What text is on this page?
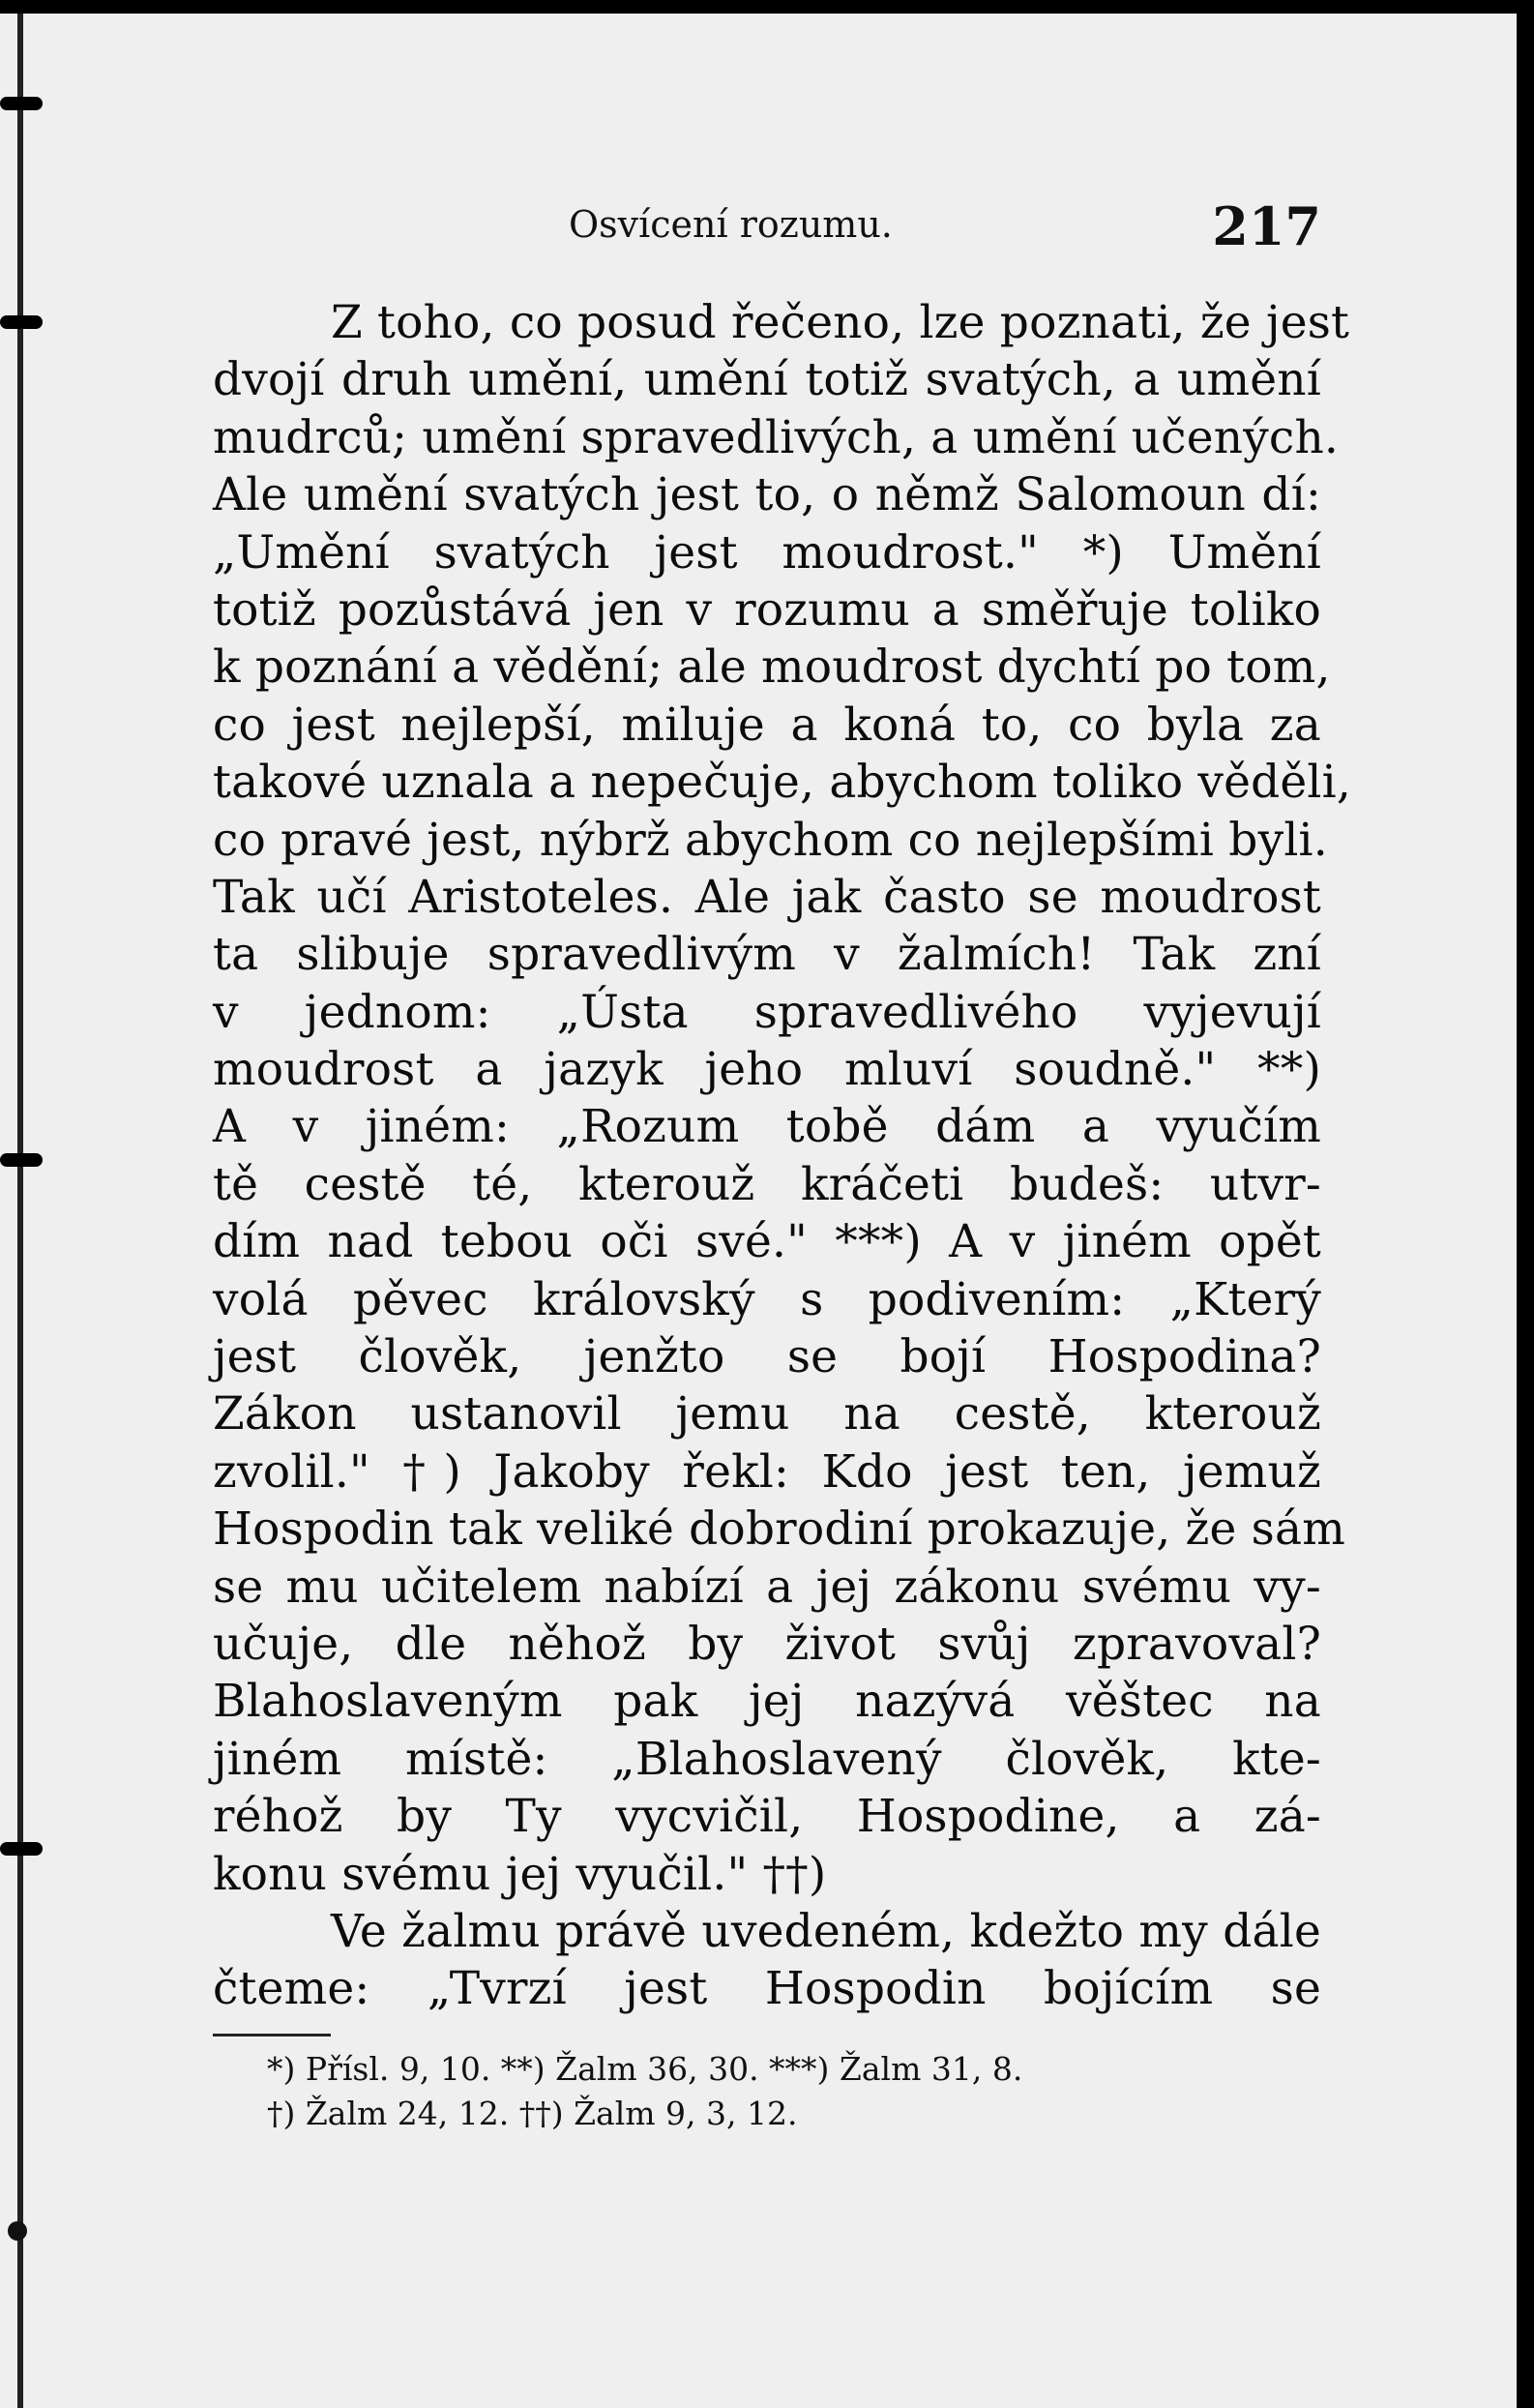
Osvícení rozumu.	217
Z toho, co posud řečeno, lze poznati, že jest
dvojí druh umění, umění totiž svatých, a umění
mudrců; umění spravedlivých, a umění učených.
Ale umění svatých jest to, o němž Salomoun dí:
„Umění svatých jest moudrost." *) Umění
totiž pozůstává jen v rozumu a směřuje toliko
k poznání a vědění; ale moudrost dychtí po tom,
co jest nejlepší, miluje a koná to, co byla za
takové uznala a nepečuje, abychom toliko věděli,
co pravé jest, nýbrž abychom co nejlepšími byli.
Tak učí Aristoteles. Ale jak často se moudrost
ta slibuje spravedlivým v žalmích! Tak zní
v jednom: „Ústa spravedlivého vyjevují
moudrost a jazyk jeho mluví soudně." **)
A v jiném: „Rozum tobě dám a vyučím
tě cestě té, kterouž kráčeti budeš: utvr-
dím nad tebou oči své." ***) A v jiném opět
volá pěvec královský s podivením: „Který
jest člověk, jenžto se bojí Hospodina?
Zákon ustanovil jemu na cestě, kterouž
zvolil." †) Jakoby řekl: Kdo jest ten, jemuž
Hospodin tak veliké dobrodiní prokazuje, že sám
se mu učitelem nabízí a jej zákonu svému vy-
učuje, dle něhož by život svůj zpravoval?
Blahoslaveným pak jej nazývá věštec na
jiném místě: „Blahoslavený člověk, kte-
réhož by Ty vycvičil, Hospodine, a zá-
konu svému jej vyučil." ††)
Ve žalmu právě uvedeném, kdežto my dále
čteme: „Tvrzí jest Hospodin bojícím se
*) Přísl. 9, 10. **) Žalm 36, 30. ***) Žalm 31, 8.
†) Žalm 24, 12. ††) Žalm 9, 3, 12.
